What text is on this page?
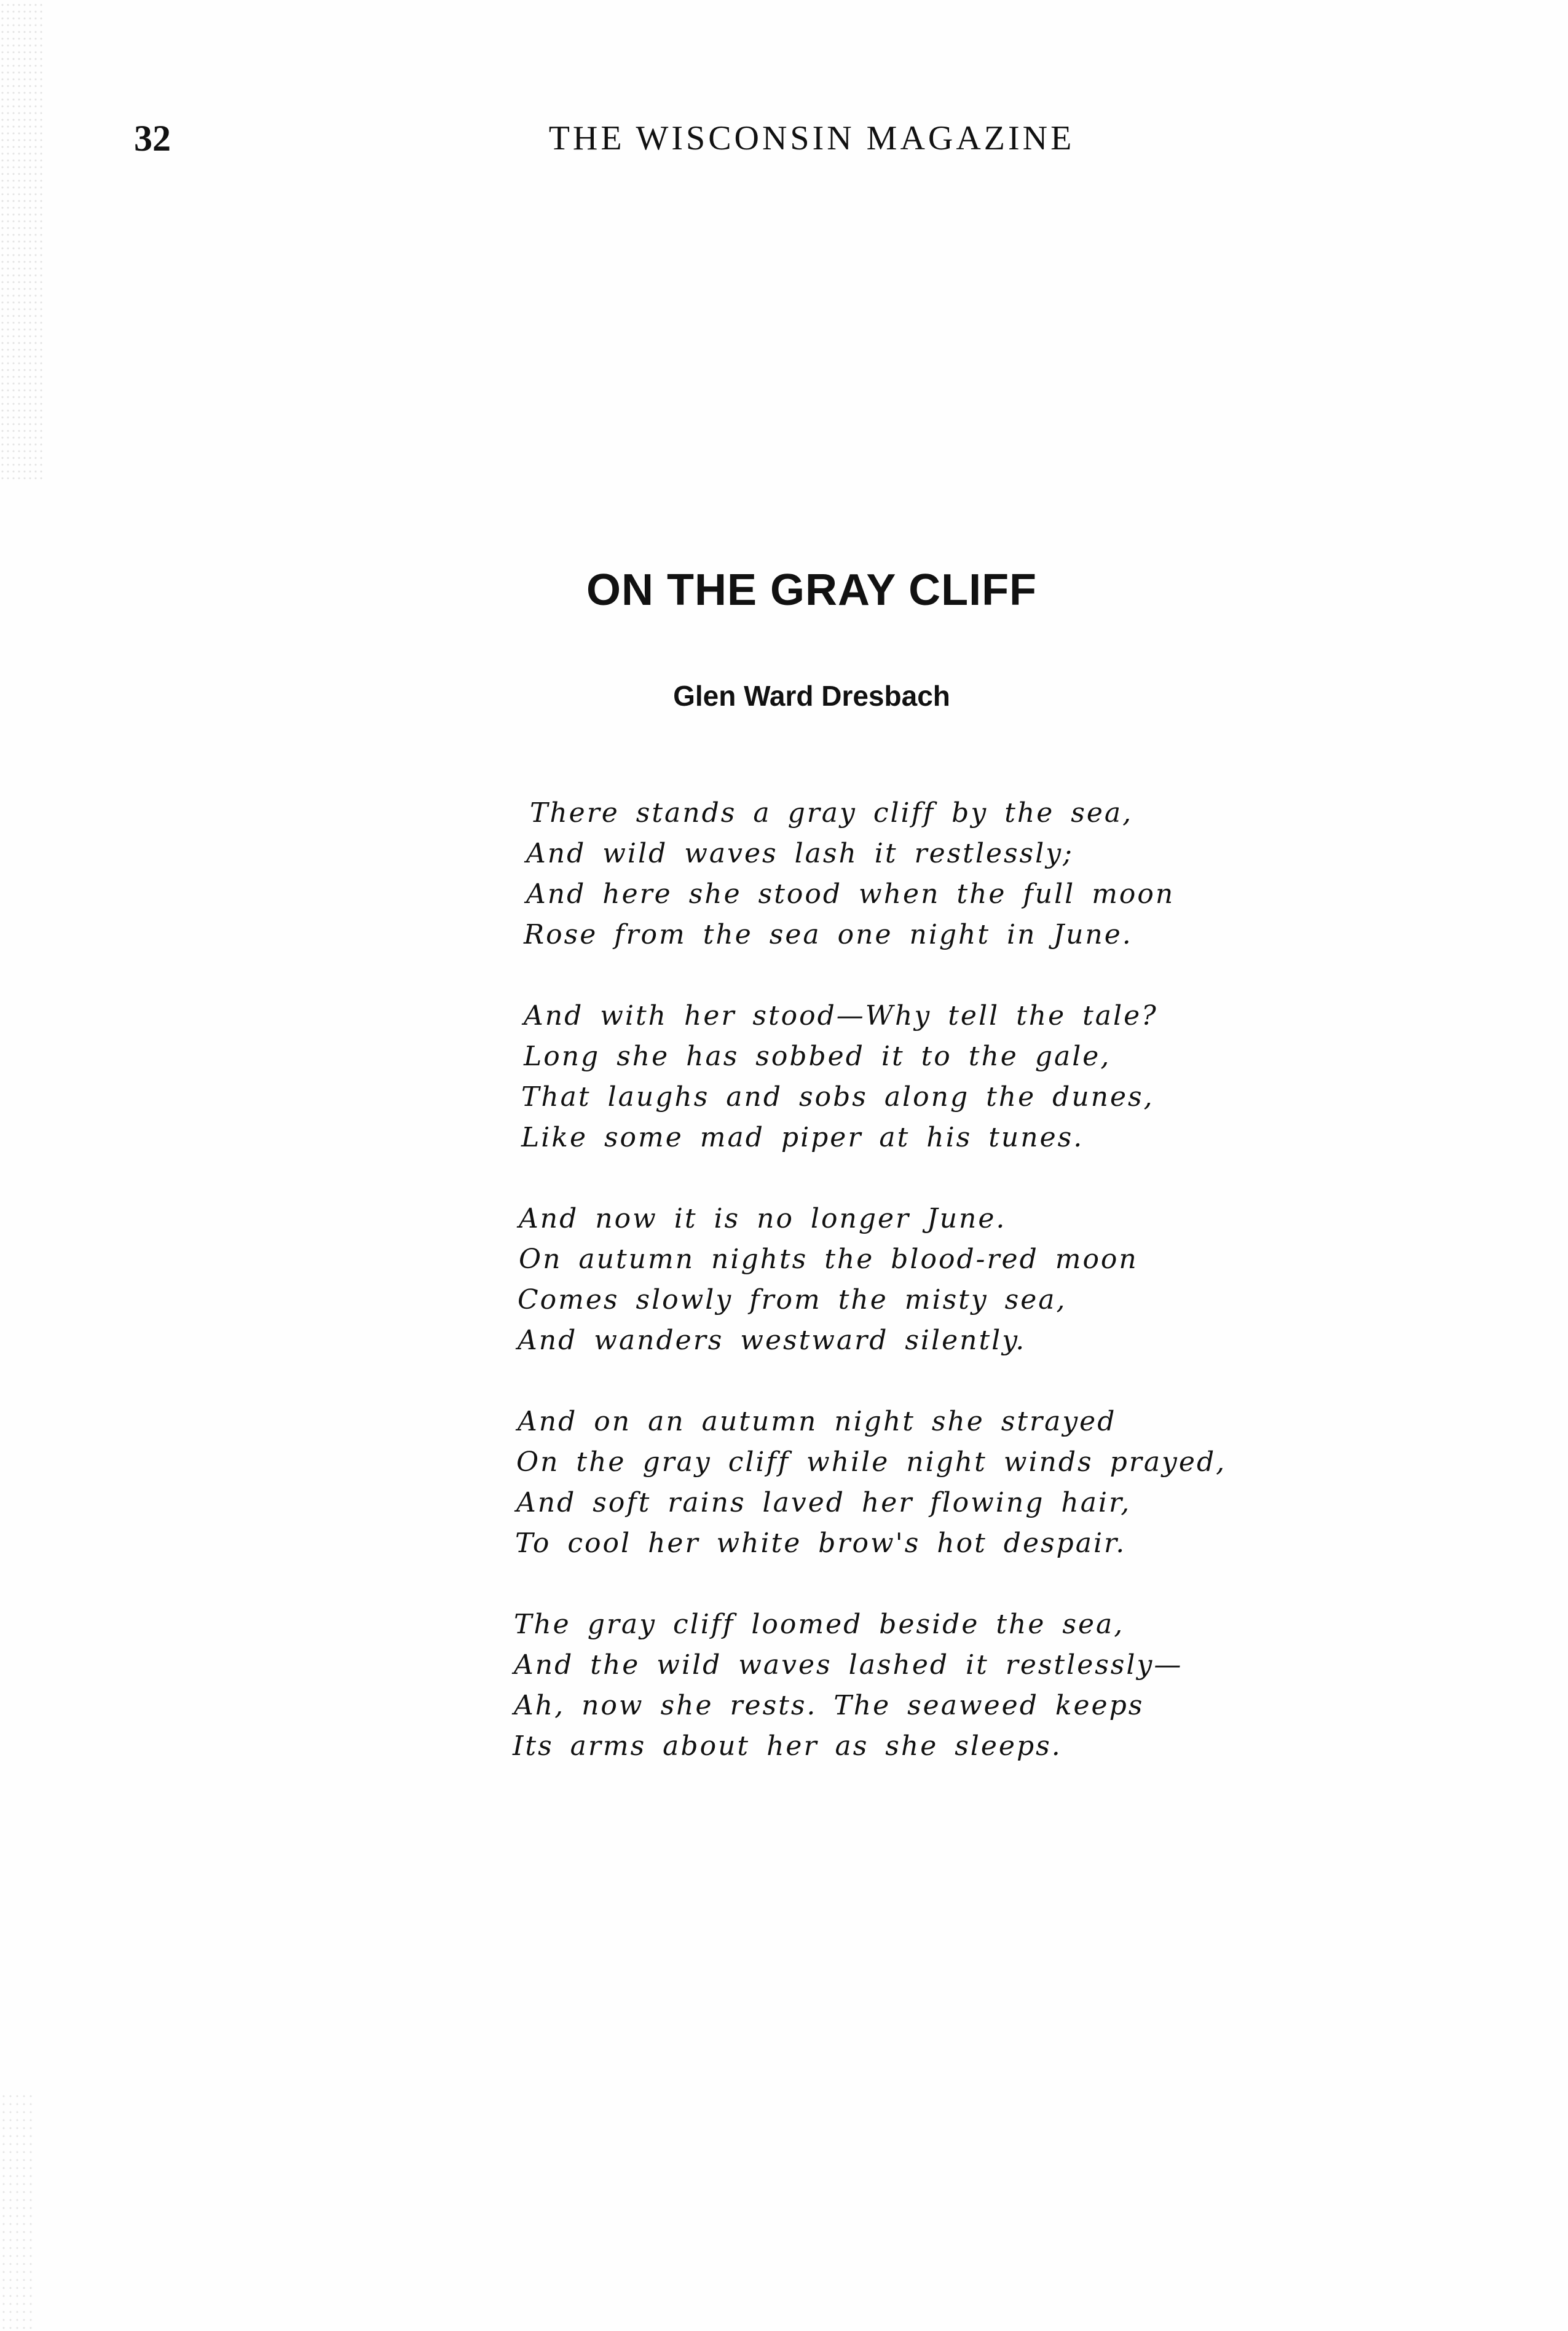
32	THE WISCONSIN MAGAZINE
ON THE GRAY CLIFF
Glen Ward Dresbach
There stands a gray cliff by the sea,
And wild waves lash it restlessly;
And here she stood when the full moon
Rose from the sea one night in June.
And with her stood—Why tell the tale?
Long she has sobbed it to the gale,
That laughs and sobs along the dunes,
Like some mad piper at his tunes.
And now it is no longer June.
On autumn nights the blood-red moon
Comes slowly from the misty sea,
And wanders westward silently.
And on an autumn night she strayed
On the gray cliff while night winds prayed,
And soft rains laved her flowing hair,
To cool her white brow's hot despair.
The gray cliff loomed beside the sea,
And the wild waves lashed it restlessly—
Ah, now she rests. The seaweed keeps
Its arms about her as she sleeps.
